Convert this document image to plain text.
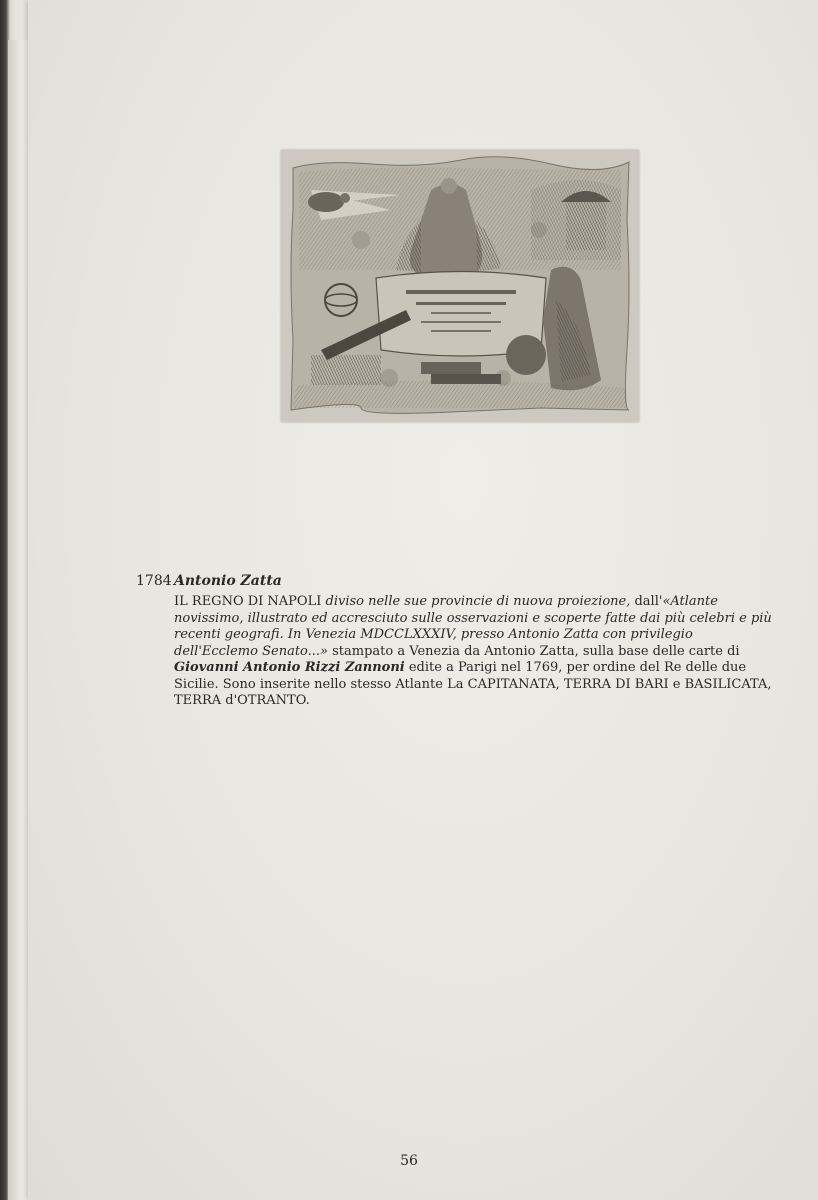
1784 Antonio Zatta

IL REGNO DI NAPOLI diviso nelle sue provincie di nuova proiezione, dall'«Atlante novissimo, illustrato ed accresciuto sulle osservazioni e scoperte fatte dai più celebri e più recenti geografi. In Venezia MDCCLXXXIV, presso Antonio Zatta con privilegio dell'Ecclemo Senato...» stampato a Venezia da Antonio Zatta, sulla base delle carte di Giovanni Antonio Rizzi Zannoni edite a Parigi nel 1769, per ordine del Re delle due Sicilie. Sono inserite nello stesso Atlante La CAPITANATA, TERRA DI BARI e BASILICATA, TERRA d'OTRANTO.

56
